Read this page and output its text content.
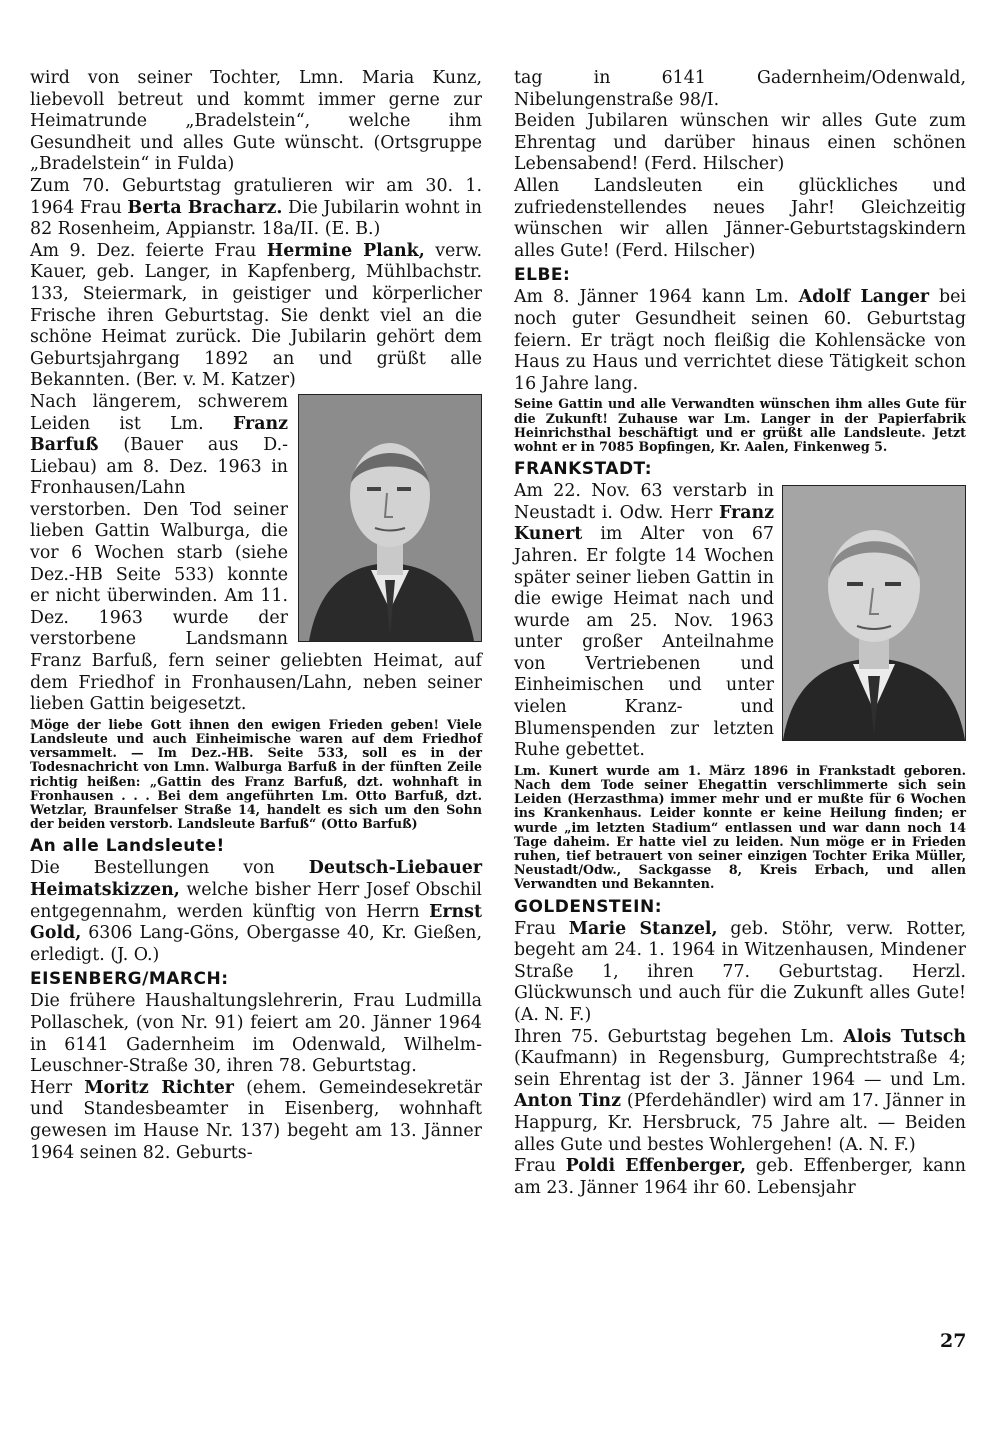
wird von seiner Tochter, Lmn. Maria Kunz, liebevoll betreut und kommt immer gerne zur Heimatrunde „Bradelstein“, welche ihm Gesundheit und alles Gute wünscht. (Ortsgruppe „Bradelstein“ in Fulda)

Zum 70. Geburtstag gratulieren wir am 30. 1. 1964 Frau Berta Bracharz. Die Jubilarin wohnt in 82 Rosenheim, Appianstr. 18a/II. (E. B.)

Am 9. Dez. feierte Frau Hermine Plank, verw. Kauer, geb. Langer, in Kapfenberg, Mühlbachstr. 133, Steiermark, in geistiger und körperlicher Frische ihren Geburtstag. Sie denkt viel an die schöne Heimat zurück. Die Jubilarin gehört dem Geburtsjahrgang 1892 an und grüßt alle Bekannten. (Ber. v. M. Katzer)

Nach längerem, schwerem Leiden ist Lm. Franz Barfuß (Bauer aus D.-Liebau) am 8. Dez. 1963 in Fronhausen/Lahn verstorben. Den Tod seiner lieben Gattin Walburga, die vor 6 Wochen starb (siehe Dez.-HB Seite 533) konnte er nicht überwinden. Am 11. Dez. 1963 wurde der verstorbene Landsmann Franz Barfuß, fern seiner geliebten Heimat, auf dem Friedhof in Fronhausen/Lahn, neben seiner lieben Gattin beigesetzt.

Möge der liebe Gott ihnen den ewigen Frieden geben! Viele Landsleute und auch Einheimische waren auf dem Friedhof versammelt. — Im Dez.-HB. Seite 533, soll es in der Todesnachricht von Lmn. Walburga Barfuß in der fünften Zeile richtig heißen: „Gattin des Franz Barfuß, dzt. wohnhaft in Fronhausen . . . Bei dem angeführten Lm. Otto Barfuß, dzt. Wetzlar, Braunfelser Straße 14, handelt es sich um den Sohn der beiden verstorb. Landsleute Barfuß“ (Otto Barfuß)

An alle Landsleute!

Die Bestellungen von Deutsch-Liebauer Heimatskizzen, welche bisher Herr Josef Obschil entgegennahm, werden künftig von Herrn Ernst Gold, 6306 Lang-Göns, Obergasse 40, Kr. Gießen, erledigt. (J. O.)

EISENBERG/MARCH:

Die frühere Haushaltungslehrerin, Frau Ludmilla Pollaschek, (von Nr. 91) feiert am 20. Jänner 1964 in 6141 Gadernheim im Odenwald, Wilhelm-Leuschner-Straße 30, ihren 78. Geburtstag.

Herr Moritz Richter (ehem. Gemeindesekretär und Standesbeamter in Eisenberg, wohnhaft gewesen im Hause Nr. 137) begeht am 13. Jänner 1964 seinen 82. Geburts-

tag in 6141 Gadernheim/Odenwald, Nibelungenstraße 98/I.

Beiden Jubilaren wünschen wir alles Gute zum Ehrentag und darüber hinaus einen schönen Lebensabend! (Ferd. Hilscher)

Allen Landsleuten ein glückliches und zufriedenstellendes neues Jahr! Gleichzeitig wünschen wir allen Jänner-Geburtstagskindern alles Gute! (Ferd. Hilscher)

ELBE:

Am 8. Jänner 1964 kann Lm. Adolf Langer bei noch guter Gesundheit seinen 60. Geburtstag feiern. Er trägt noch fleißig die Kohlensäcke von Haus zu Haus und verrichtet diese Tätigkeit schon 16 Jahre lang.

Seine Gattin und alle Verwandten wünschen ihm alles Gute für die Zukunft! Zuhause war Lm. Langer in der Papierfabrik Heinrichsthal beschäftigt und er grüßt alle Landsleute. Jetzt wohnt er in 7085 Bopfingen, Kr. Aalen, Finkenweg 5.

FRANKSTADT:

Am 22. Nov. 63 verstarb in Neustadt i. Odw. Herr Franz Kunert im Alter von 67 Jahren. Er folgte 14 Wochen später seiner lieben Gattin in die ewige Heimat nach und wurde am 25. Nov. 1963 unter großer Anteilnahme von Vertriebenen und Einheimischen und unter vielen Kranz- und Blumenspenden zur letzten Ruhe gebettet.

Lm. Kunert wurde am 1. März 1896 in Frankstadt geboren. Nach dem Tode seiner Ehegattin verschlimmerte sich sein Leiden (Herzasthma) immer mehr und er mußte für 6 Wochen ins Krankenhaus. Leider konnte er keine Heilung finden; er wurde „im letzten Stadium“ entlassen und war dann noch 14 Tage daheim. Er hatte viel zu leiden. Nun möge er in Frieden ruhen, tief betrauert von seiner einzigen Tochter Erika Müller, Neustadt/Odw., Sackgasse 8, Kreis Erbach, und allen Verwandten und Bekannten.

GOLDENSTEIN:

Frau Marie Stanzel, geb. Stöhr, verw. Rotter, begeht am 24. 1. 1964 in Witzenhausen, Mindener Straße 1, ihren 77. Geburtstag. Herzl. Glückwunsch und auch für die Zukunft alles Gute! (A. N. F.)

Ihren 75. Geburtstag begehen Lm. Alois Tutsch (Kaufmann) in Regensburg, Gumprechtstraße 4; sein Ehrentag ist der 3. Jänner 1964 — und Lm. Anton Tinz (Pferdehändler) wird am 17. Jänner in Happurg, Kr. Hersbruck, 75 Jahre alt. — Beiden alles Gute und bestes Wohlergehen! (A. N. F.)

Frau Poldi Effenberger, geb. Effenberger, kann am 23. Jänner 1964 ihr 60. Lebensjahr

27
